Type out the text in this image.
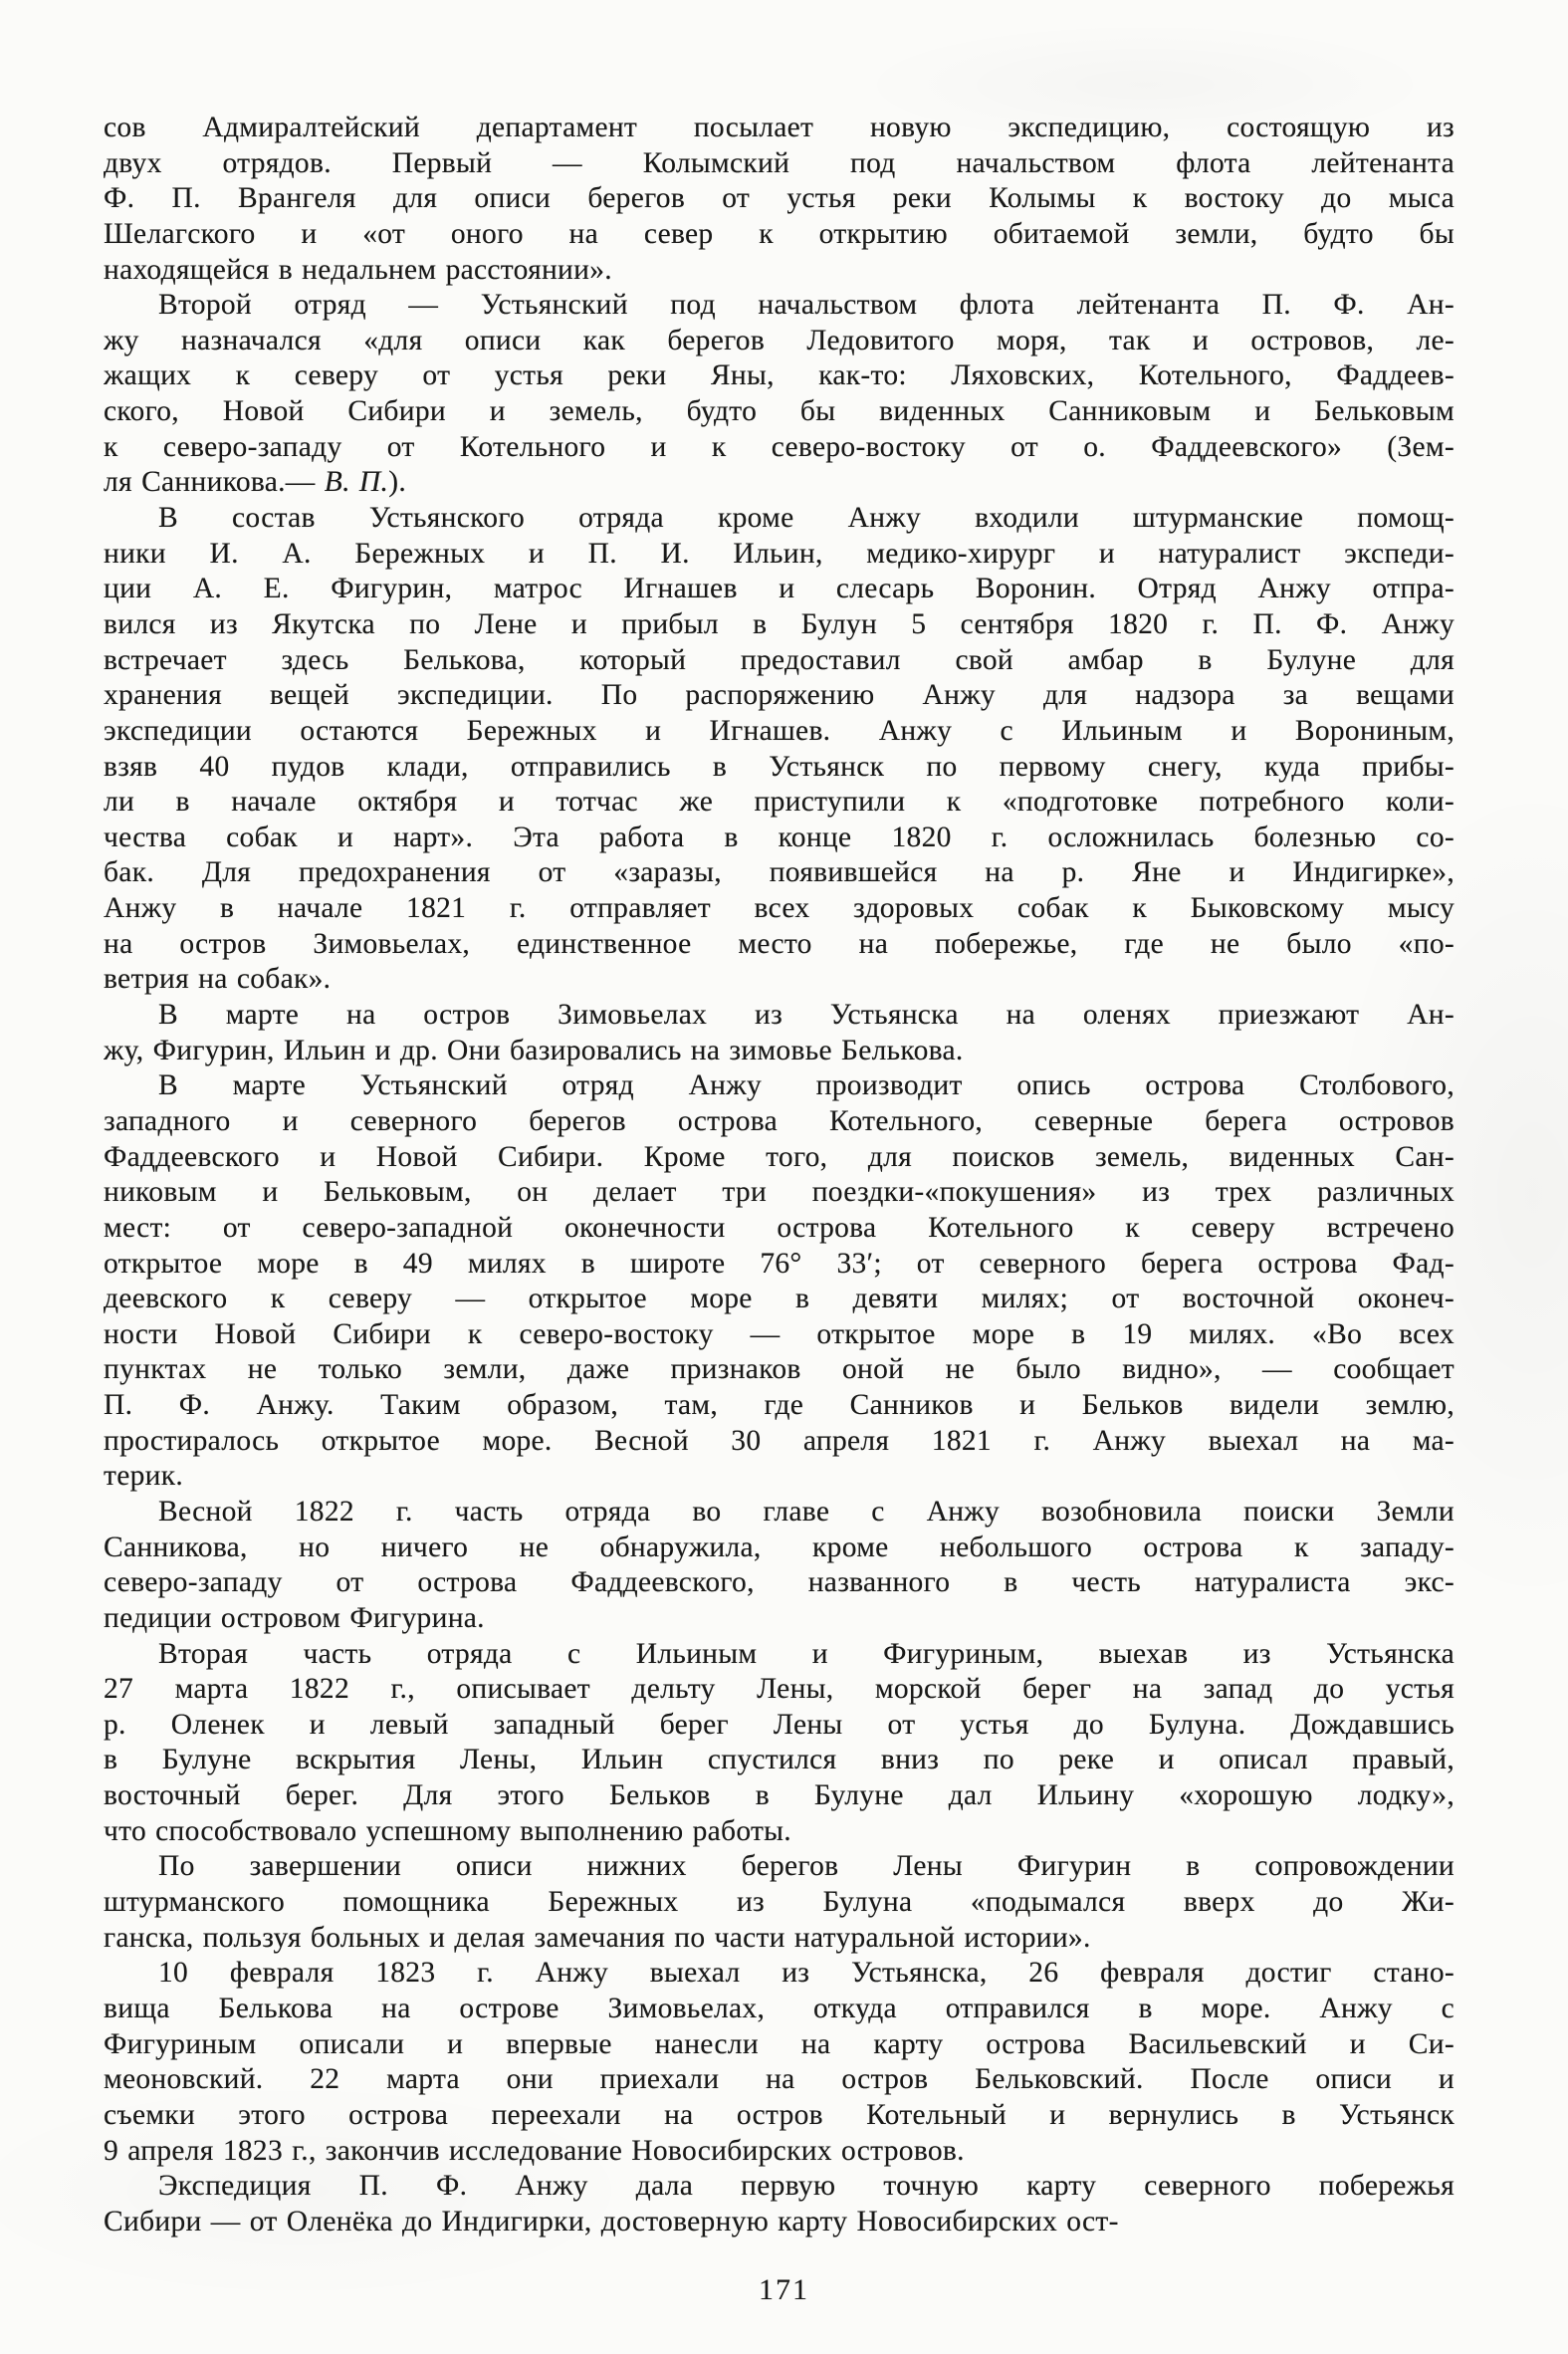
сов Адмиралтейский департамент посылает новую экспедицию, состоящую из
двух отрядов. Первый — Колымский под начальством флота лейтенанта
Ф. П. Врангеля для описи берегов от устья реки Колымы к востоку до мыса
Шелагского и «от оного на север к открытию обитаемой земли, будто бы
находящейся в недальнем расстоянии».
Второй отряд — Устьянский под начальством флота лейтенанта П. Ф. Ан-
жу назначался «для описи как берегов Ледовитого моря, так и островов, ле-
жащих к северу от устья реки Яны, как-то: Ляховских, Котельного, Фаддеев-
ского, Новой Сибири и земель, будто бы виденных Санниковым и Бельковым
к северо-западу от Котельного и к северо-востоку от о. Фаддеевского» (Зем-
ля Санникова.— В. П.).
В состав Устьянского отряда кроме Анжу входили штурманские помощ-
ники И. А. Бережных и П. И. Ильин, медико-хирург и натуралист экспеди-
ции А. Е. Фигурин, матрос Игнашев и слесарь Воронин. Отряд Анжу отпра-
вился из Якутска по Лене и прибыл в Булун 5 сентября 1820 г. П. Ф. Анжу
встречает здесь Белькова, который предоставил свой амбар в Булуне для
хранения вещей экспедиции. По распоряжению Анжу для надзора за вещами
экспедиции остаются Бережных и Игнашев. Анжу с Ильиным и Ворониным,
взяв 40 пудов клади, отправились в Устьянск по первому снегу, куда прибы-
ли в начале октября и тотчас же приступили к «подготовке потребного коли-
чества собак и нарт». Эта работа в конце 1820 г. осложнилась болезнью со-
бак. Для предохранения от «заразы, появившейся на р. Яне и Индигирке»,
Анжу в начале 1821 г. отправляет всех здоровых собак к Быковскому мысу
на остров Зимовьелах, единственное место на побережье, где не было «по-
ветрия на собак».
В марте на остров Зимовьелах из Устьянска на оленях приезжают Ан-
жу, Фигурин, Ильин и др. Они базировались на зимовье Белькова.
В марте Устьянский отряд Анжу производит опись острова Столбового,
западного и северного берегов острова Котельного, северные берега островов
Фаддеевского и Новой Сибири. Кроме того, для поисков земель, виденных Сан-
никовым и Бельковым, он делает три поездки-«покушения» из трех различных
мест: от северо-западной оконечности острова Котельного к северу встречено
открытое море в 49 милях в широте 76° 33′; от северного берега острова Фад-
деевского к северу — открытое море в девяти милях; от восточной оконеч-
ности Новой Сибири к северо-востоку — открытое море в 19 милях. «Во всех
пунктах не только земли, даже признаков оной не было видно», — сообщает
П. Ф. Анжу. Таким образом, там, где Санников и Бельков видели землю,
простиралось открытое море. Весной 30 апреля 1821 г. Анжу выехал на ма-
терик.
Весной 1822 г. часть отряда во главе с Анжу возобновила поиски Земли
Санникова, но ничего не обнаружила, кроме небольшого острова к западу-
северо-западу от острова Фаддеевского, названного в честь натуралиста экс-
педиции островом Фигурина.
Вторая часть отряда с Ильиным и Фигуриным, выехав из Устьянска
27 марта 1822 г., описывает дельту Лены, морской берег на запад до устья
р. Оленек и левый западный берег Лены от устья до Булуна. Дождавшись
в Булуне вскрытия Лены, Ильин спустился вниз по реке и описал правый,
восточный берег. Для этого Бельков в Булуне дал Ильину «хорошую лодку»,
что способствовало успешному выполнению работы.
По завершении описи нижних берегов Лены Фигурин в сопровождении
штурманского помощника Бережных из Булуна «подымался вверх до Жи-
ганска, пользуя больных и делая замечания по части натуральной истории».
10 февраля 1823 г. Анжу выехал из Устьянска, 26 февраля достиг стано-
вища Белькова на острове Зимовьелах, откуда отправился в море. Анжу с
Фигуриным описали и впервые нанесли на карту острова Васильевский и Си-
меоновский. 22 марта они приехали на остров Бельковский. После описи и
съемки этого острова переехали на остров Котельный и вернулись в Устьянск
9 апреля 1823 г., закончив исследование Новосибирских островов.
Экспедиция П. Ф. Анжу дала первую точную карту северного побережья
Сибири — от Оленёка до Индигирки, достоверную карту Новосибирских ост-
171
